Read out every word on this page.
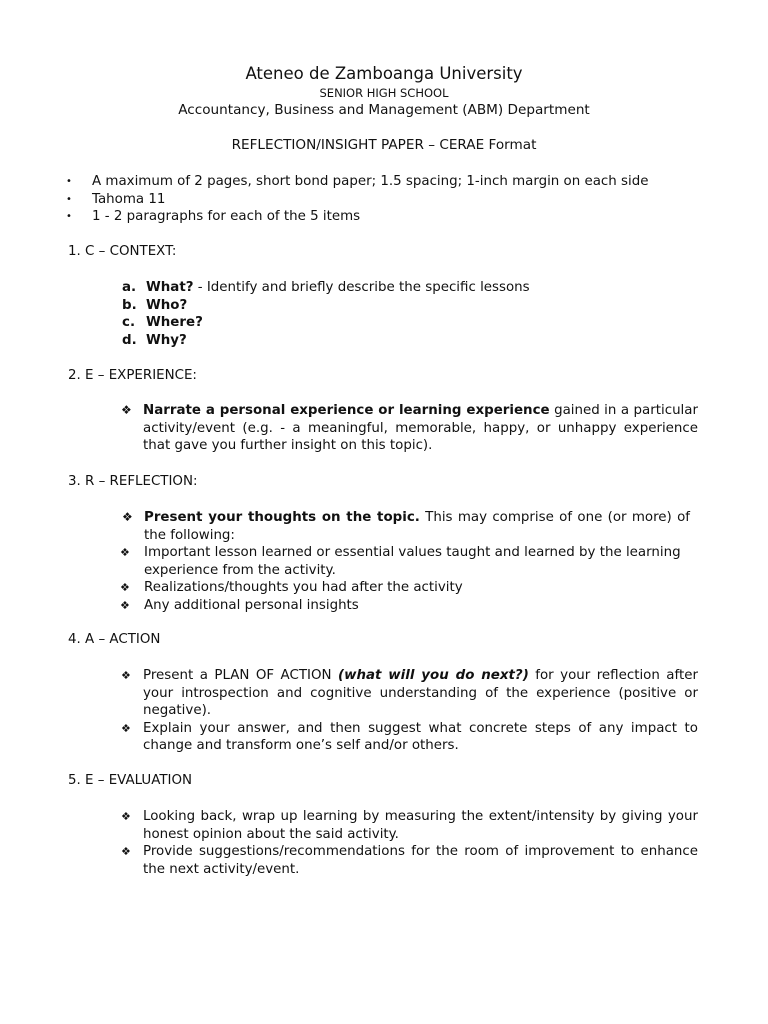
Ateneo de Zamboanga University
SENIOR HIGH SCHOOL
Accountancy, Business and Management (ABM) Department
REFLECTION/INSIGHT PAPER – CERAE Format
• A maximum of 2 pages, short bond paper; 1.5 spacing; 1-inch margin on each side
• Tahoma 11
• 1 - 2 paragraphs for each of the 5 items
1. C – CONTEXT:
a. What? - Identify and briefly describe the specific lessons
b. Who?
c. Where?
d. Why?
2. E – EXPERIENCE:
❖ Narrate a personal experience or learning experience gained in a particular activity/event (e.g. - a meaningful, memorable, happy, or unhappy experience that gave you further insight on this topic).
3. R – REFLECTION:
❖ Present your thoughts on the topic. This may comprise of one (or more) of the following:
❖ Important lesson learned or essential values taught and learned by the learning experience from the activity.
❖ Realizations/thoughts you had after the activity
❖ Any additional personal insights
4. A – ACTION
❖ Present a PLAN OF ACTION (what will you do next?) for your reflection after your introspection and cognitive understanding of the experience (positive or negative).
❖ Explain your answer, and then suggest what concrete steps of any impact to change and transform one’s self and/or others.
5. E – EVALUATION
❖ Looking back, wrap up learning by measuring the extent/intensity by giving your honest opinion about the said activity.
❖ Provide suggestions/recommendations for the room of improvement to enhance the next activity/event.
